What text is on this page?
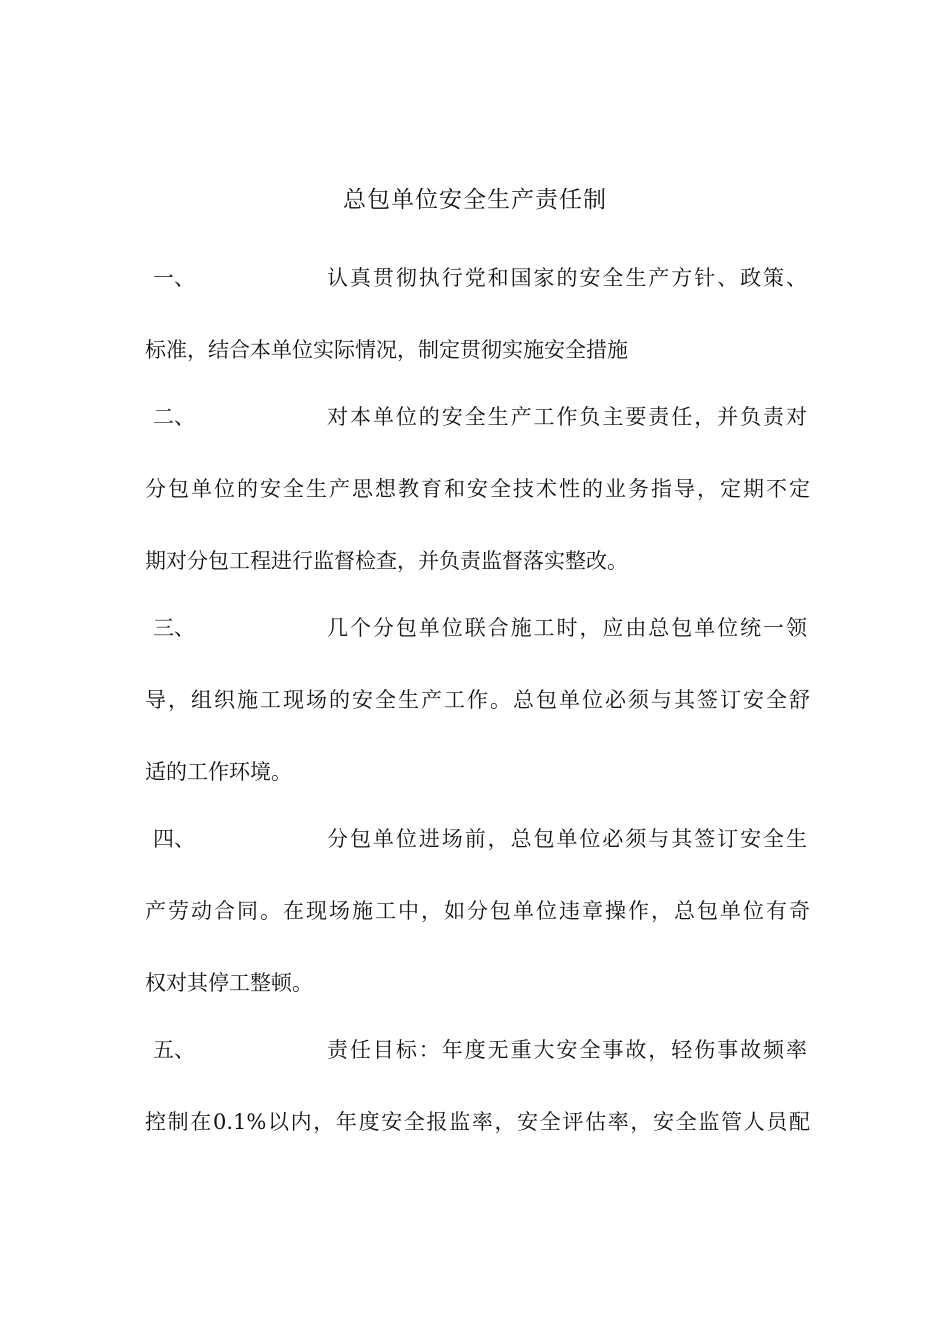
总包单位安全生产责任制
一、	认真贯彻执行党和国家的安全生产方针、政策、
标准，结合本单位实际情况，制定贯彻实施安全措施
二、	对本单位的安全生产工作负主要责任，并负责对
分包单位的安全生产思想教育和安全技术性的业务指导，定期不定
期对分包工程进行监督检查，并负责监督落实整改。
三、	几个分包单位联合施工时，应由总包单位统一领
导，组织施工现场的安全生产工作。总包单位必须与其签订安全舒
适的工作环境。
四、	分包单位进场前，总包单位必须与其签订安全生
产劳动合同。在现场施工中，如分包单位违章操作，总包单位有奇
权对其停工整顿。
五、	责任目标：年度无重大安全事故，轻伤事故频率
控制在0.1%以内，年度安全报监率，安全评估率，安全监管人员配
